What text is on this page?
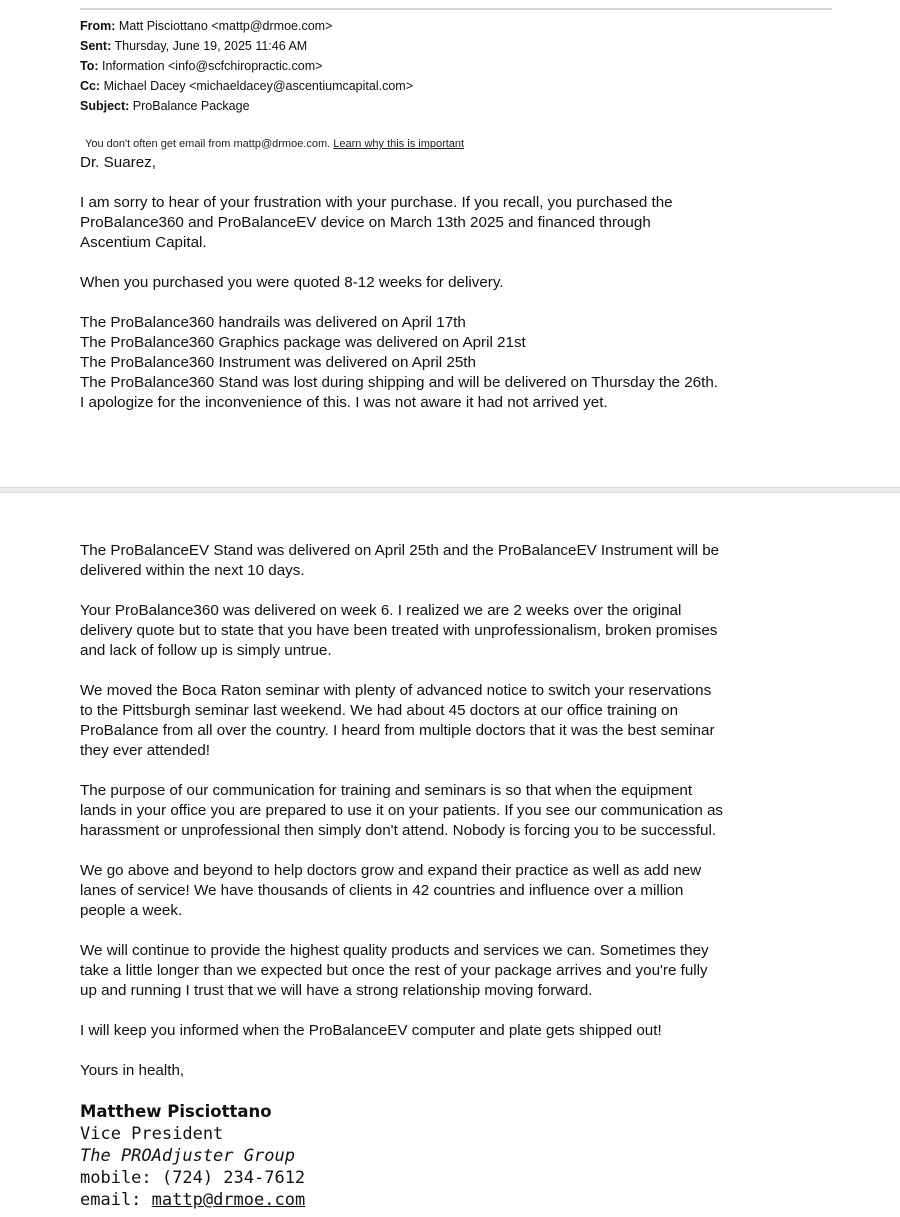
From: Matt Pisciottano <mattp@drmoe.com>
Sent: Thursday, June 19, 2025 11:46 AM
To: Information <info@scfchiropractic.com>
Cc: Michael Dacey <michaeldacey@ascentiumcapital.com>
Subject: ProBalance Package
You don't often get email from mattp@drmoe.com. Learn why this is important

Dr. Suarez,

I am sorry to hear of your frustration with your purchase. If you recall, you purchased the
ProBalance360 and ProBalanceEV device on March 13th 2025 and financed through
Ascentium Capital.

When you purchased you were quoted 8-12 weeks for delivery.

The ProBalance360 handrails was delivered on April 17th
The ProBalance360 Graphics package was delivered on April 21st
The ProBalance360 Instrument was delivered on April 25th
The ProBalance360 Stand was lost during shipping and will be delivered on Thursday the 26th.
I apologize for the inconvenience of this. I was not aware it had not arrived yet.

The ProBalanceEV Stand was delivered on April 25th and the ProBalanceEV Instrument will be
delivered within the next 10 days.

Your ProBalance360 was delivered on week 6. I realized we are 2 weeks over the original
delivery quote but to state that you have been treated with unprofessionalism, broken promises
and lack of follow up is simply untrue.

We moved the Boca Raton seminar with plenty of advanced notice to switch your reservations
to the Pittsburgh seminar last weekend. We had about 45 doctors at our office training on
ProBalance from all over the country. I heard from multiple doctors that it was the best seminar
they ever attended!

The purpose of our communication for training and seminars is so that when the equipment
lands in your office you are prepared to use it on your patients. If you see our communication as
harassment or unprofessional then simply don't attend. Nobody is forcing you to be successful.

We go above and beyond to help doctors grow and expand their practice as well as add new
lanes of service! We have thousands of clients in 42 countries and influence over a million
people a week.

We will continue to provide the highest quality products and services we can. Sometimes they
take a little longer than we expected but once the rest of your package arrives and you're fully
up and running I trust that we will have a strong relationship moving forward.

I will keep you informed when the ProBalanceEV computer and plate gets shipped out!

Yours in health,

Matthew Pisciottano
Vice President
The PROAdjuster Group
mobile: (724) 234-7612
email: mattp@drmoe.com
